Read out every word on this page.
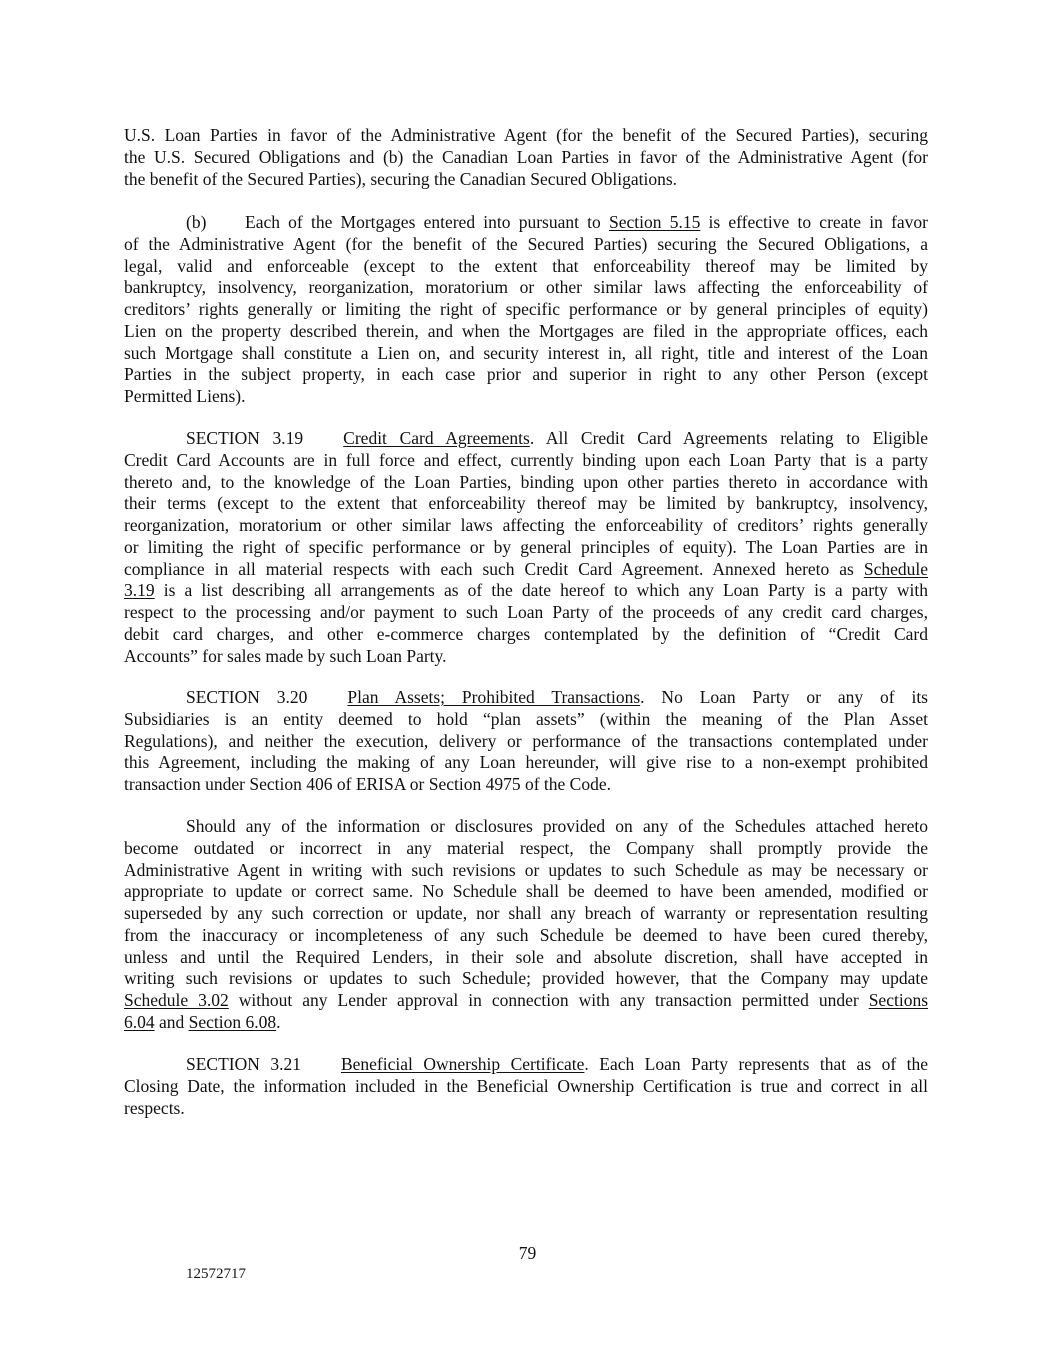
U.S. Loan Parties in favor of the Administrative Agent (for the benefit of the Secured Parties), securing
the U.S. Secured Obligations and (b) the Canadian Loan Parties in favor of the Administrative Agent (for
the benefit of the Secured Parties), securing the Canadian Secured Obligations.
(b) Each of the Mortgages entered into pursuant to Section 5.15 is effective to create in favor
of the Administrative Agent (for the benefit of the Secured Parties) securing the Secured Obligations, a
legal, valid and enforceable (except to the extent that enforceability thereof may be limited by
bankruptcy, insolvency, reorganization, moratorium or other similar laws affecting the enforceability of
creditors’ rights generally or limiting the right of specific performance or by general principles of equity)
Lien on the property described therein, and when the Mortgages are filed in the appropriate offices, each
such Mortgage shall constitute a Lien on, and security interest in, all right, title and interest of the Loan
Parties in the subject property, in each case prior and superior in right to any other Person (except
Permitted Liens).
SECTION 3.19 Credit Card Agreements. All Credit Card Agreements relating to Eligible
Credit Card Accounts are in full force and effect, currently binding upon each Loan Party that is a party
thereto and, to the knowledge of the Loan Parties, binding upon other parties thereto in accordance with
their terms (except to the extent that enforceability thereof may be limited by bankruptcy, insolvency,
reorganization, moratorium or other similar laws affecting the enforceability of creditors’ rights generally
or limiting the right of specific performance or by general principles of equity). The Loan Parties are in
compliance in all material respects with each such Credit Card Agreement. Annexed hereto as Schedule
3.19 is a list describing all arrangements as of the date hereof to which any Loan Party is a party with
respect to the processing and/or payment to such Loan Party of the proceeds of any credit card charges,
debit card charges, and other e-commerce charges contemplated by the definition of “Credit Card
Accounts” for sales made by such Loan Party.
SECTION 3.20 Plan Assets; Prohibited Transactions. No Loan Party or any of its
Subsidiaries is an entity deemed to hold “plan assets” (within the meaning of the Plan Asset
Regulations), and neither the execution, delivery or performance of the transactions contemplated under
this Agreement, including the making of any Loan hereunder, will give rise to a non-exempt prohibited
transaction under Section 406 of ERISA or Section 4975 of the Code.
Should any of the information or disclosures provided on any of the Schedules attached hereto
become outdated or incorrect in any material respect, the Company shall promptly provide the
Administrative Agent in writing with such revisions or updates to such Schedule as may be necessary or
appropriate to update or correct same. No Schedule shall be deemed to have been amended, modified or
superseded by any such correction or update, nor shall any breach of warranty or representation resulting
from the inaccuracy or incompleteness of any such Schedule be deemed to have been cured thereby,
unless and until the Required Lenders, in their sole and absolute discretion, shall have accepted in
writing such revisions or updates to such Schedule; provided however, that the Company may update
Schedule 3.02 without any Lender approval in connection with any transaction permitted under Sections
6.04 and Section 6.08.
SECTION 3.21 Beneficial Ownership Certificate. Each Loan Party represents that as of the
Closing Date, the information included in the Beneficial Ownership Certification is true and correct in all
respects.
79
12572717
